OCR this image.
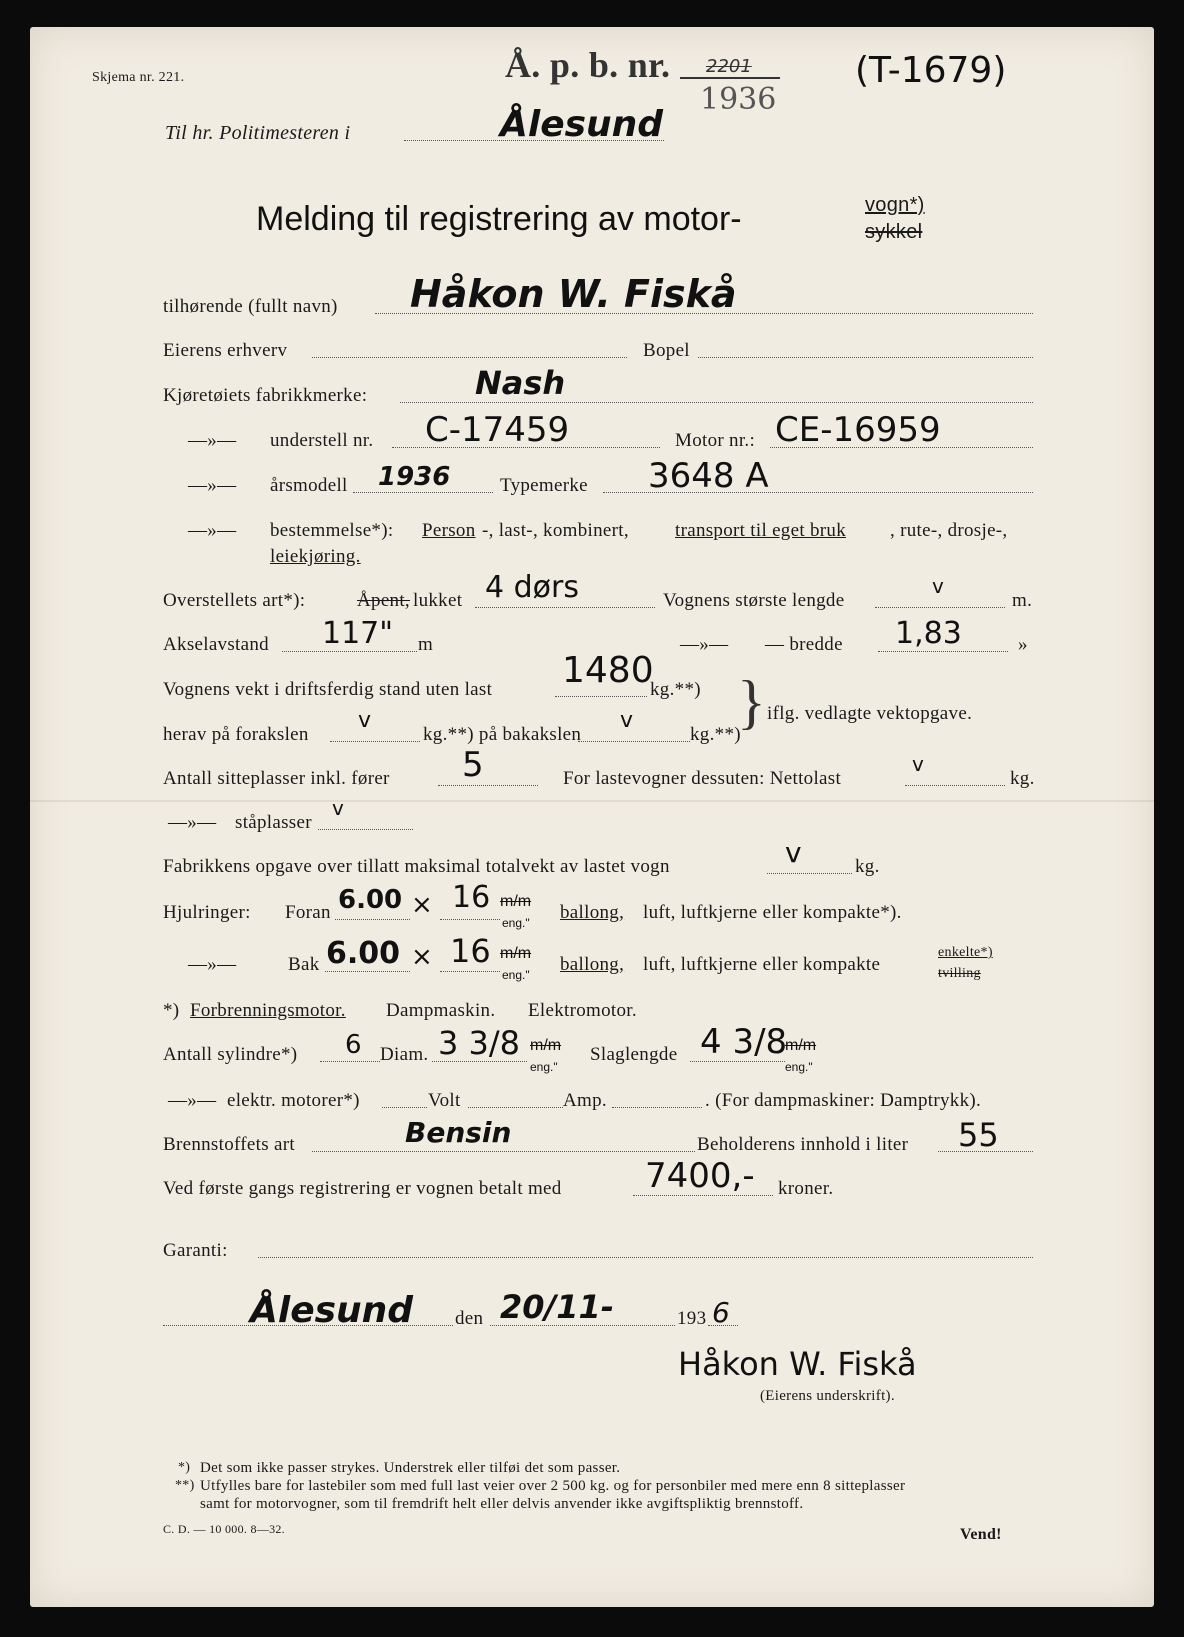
Skjema nr. 221.	Å. p. b. nr. 2201
1936
(T-1679)
Til hr. Politimesteren i	Ålesund
Melding til registrering av motor-	vogn*)
sykkel
tilhørende (fullt navn) Håkon W. Fiskå
Eierens erhverv	Bopel
Kjøretøiets fabrikkmerke:	Nash
—»— understell nr. C-17459	Motor nr.: CE-16959
—»— årsmodell 1936	Typemerke 3648 A
—»— bestemmelse*): Person -, last-, kombinert, transport til eget bruk , rute-, drosje-,
leiekjøring.
Overstellets art*):	Åpent, lukket 4 dørs	Vognens største lengde
v
m.
Akselavstand 117" m	—»— — bredde 1,83	»
Vognens vekt i driftsferdig stand uten last 1480
kg.**)
herav på forakslen
v
kg.**) på bakakslen
v
kg.**)
} iflg. vedlagte vektopgave.
Antall sitteplasser inkl. fører 5	For lastevogner dessuten: Nettolast
v
kg.
—»— ståplasser
v
Fabrikkens opgave over tillatt maksimal totalvekt av lastet vogn	v	kg.
Hjulringer: Foran 6.00 × 16 m/m
eng." ballong, luft, luftkjerne eller kompakte*).
—»—	Bak 6.00 × 16 m/m
eng." ballong, luft, luftkjerne eller kompakte
enkelte*)
tvilling
*) Forbrenningsmotor. Dampmaskin. Elektromotor.
Antall sylindre*) 6 Diam. 3 3/8 m/m
eng."
Slaglengde 4 3/8
m/m
eng."
—»— elektr. motorer*)	Volt	Amp.	. (For dampmaskiner: Damptrykk).
Brennstoffets art	Bensin	Beholderens innhold i liter 55
Ved første gangs registrering er vognen betalt med 7400,- kroner.
Garanti:
Ålesund den 20/11-	193 6
Håkon W. Fiskå
(Eierens underskrift).
*) Det som ikke passer strykes. Understrek eller tilføi det som passer.
**) Utfylles bare for lastebiler som med full last veier over 2 500 kg. og for personbiler med mere enn 8 sitteplasser
samt for motorvogner, som til fremdrift helt eller delvis anvender ikke avgiftspliktig brennstoff.
C. D. — 10 000. 8—32.	Vend!
